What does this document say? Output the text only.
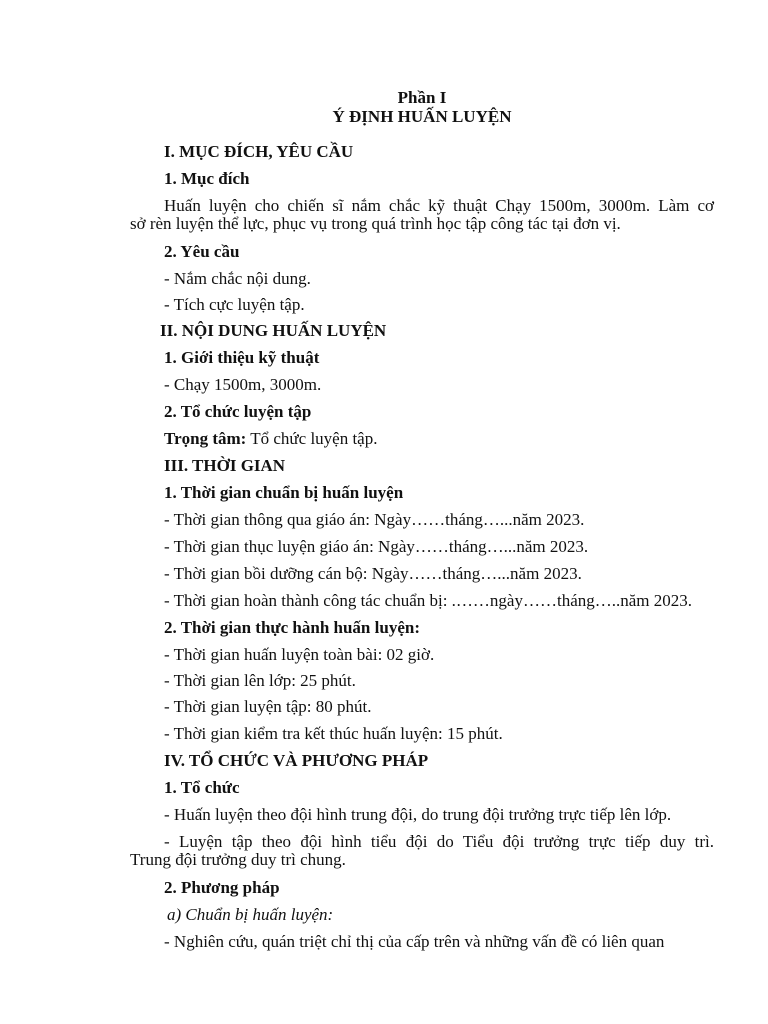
Phần I
Ý ĐỊNH HUẤN LUYỆN
I. MỤC ĐÍCH, YÊU CẦU
1. Mục đích
Huấn luyện cho chiến sĩ nắm chắc kỹ thuật Chạy 1500m, 3000m. Làm cơ
sở rèn luyện thể lực, phục vụ trong quá trình học tập công tác tại đơn vị.
2. Yêu cầu
- Nắm chắc nội dung.
- Tích cực luyện tập.
II. NỘI DUNG HUẤN LUYỆN
1. Giới thiệu kỹ thuật
- Chạy 1500m, 3000m.
2. Tổ chức luyện tập
Trọng tâm: Tổ chức luyện tập.
III. THỜI GIAN
1. Thời gian chuẩn bị huấn luyện
- Thời gian thông qua giáo án: Ngày……tháng…...năm 2023.
- Thời gian thục luyện giáo án: Ngày……tháng…...năm 2023.
- Thời gian bồi dưỡng cán bộ: Ngày……tháng…...năm 2023.
- Thời gian hoàn thành công tác chuẩn bị: .……ngày……tháng…..năm 2023.
2. Thời gian thực hành huấn luyện:
- Thời gian huấn luyện toàn bài: 02 giờ.
- Thời gian lên lớp: 25 phút.
- Thời gian luyện tập: 80 phút.
- Thời gian kiểm tra kết thúc huấn luyện: 15 phút.
IV. TỔ CHỨC VÀ PHƯƠNG PHÁP
1. Tổ chức
- Huấn luyện theo đội hình trung đội, do trung đội trưởng trực tiếp lên lớp.
- Luyện tập theo đội hình tiểu đội do Tiểu đội trưởng trực tiếp duy trì.
Trung đội trưởng duy trì chung.
2. Phương pháp
a) Chuẩn bị huấn luyện:
- Nghiên cứu, quán triệt chỉ thị của cấp trên và những vấn đề có liên quan
